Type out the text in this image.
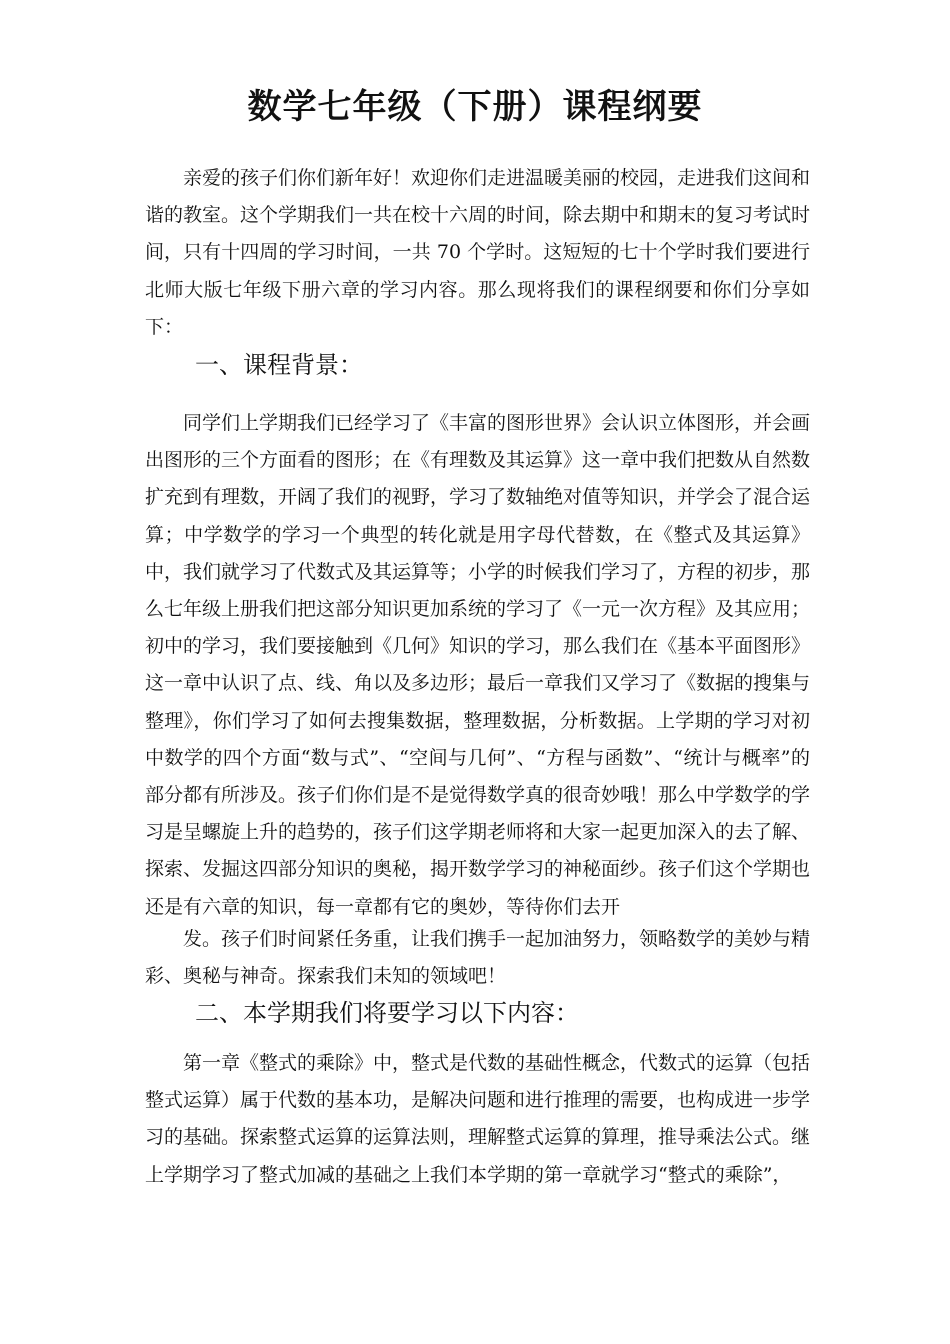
数学七年级（下册）课程纲要
亲爱的孩子们你们新年好！欢迎你们走进温暖美丽的校园，走进我们这间和谐的教室。这个学期我们一共在校十六周的时间，除去期中和期末的复习考试时间，只有十四周的学习时间，一共 70 个学时。这短短的七十个学时我们要进行北师大版七年级下册六章的学习内容。那么现将我们的课程纲要和你们分享如下：
一、课程背景：
同学们上学期我们已经学习了《丰富的图形世界》会认识立体图形，并会画出图形的三个方面看的图形；在《有理数及其运算》这一章中我们把数从自然数扩充到有理数，开阔了我们的视野，学习了数轴绝对值等知识，并学会了混合运算；中学数学的学习一个典型的转化就是用字母代替数，在《整式及其运算》中，我们就学习了代数式及其运算等；小学的时候我们学习了，方程的初步，那么七年级上册我们把这部分知识更加系统的学习了《一元一次方程》及其应用；初中的学习，我们要接触到《几何》知识的学习，那么我们在《基本平面图形》这一章中认识了点、线、角以及多边形；最后一章我们又学习了《数据的搜集与整理》，你们学习了如何去搜集数据，整理数据，分析数据。上学期的学习对初中数学的四个方面“数与式”、“空间与几何”、“方程与函数”、“统计与概率”的部分都有所涉及。孩子们你们是不是觉得数学真的很奇妙哦！那么中学数学的学习是呈螺旋上升的趋势的，孩子们这学期老师将和大家一起更加深入的去了解、探索、发掘这四部分知识的奥秘，揭开数学学习的神秘面纱。孩子们这个学期也还是有六章的知识，每一章都有它的奥妙，等待你们去开
发。孩子们时间紧任务重，让我们携手一起加油努力，领略数学的美妙与精彩、奥秘与神奇。探索我们未知的领域吧！
二、本学期我们将要学习以下内容：
第一章《整式的乘除》中，整式是代数的基础性概念，代数式的运算（包括整式运算）属于代数的基本功，是解决问题和进行推理的需要，也构成进一步学习的基础。探索整式运算的运算法则，理解整式运算的算理，推导乘法公式。继上学期学习了整式加减的基础之上我们本学期的第一章就学习“整式的乘除”，
